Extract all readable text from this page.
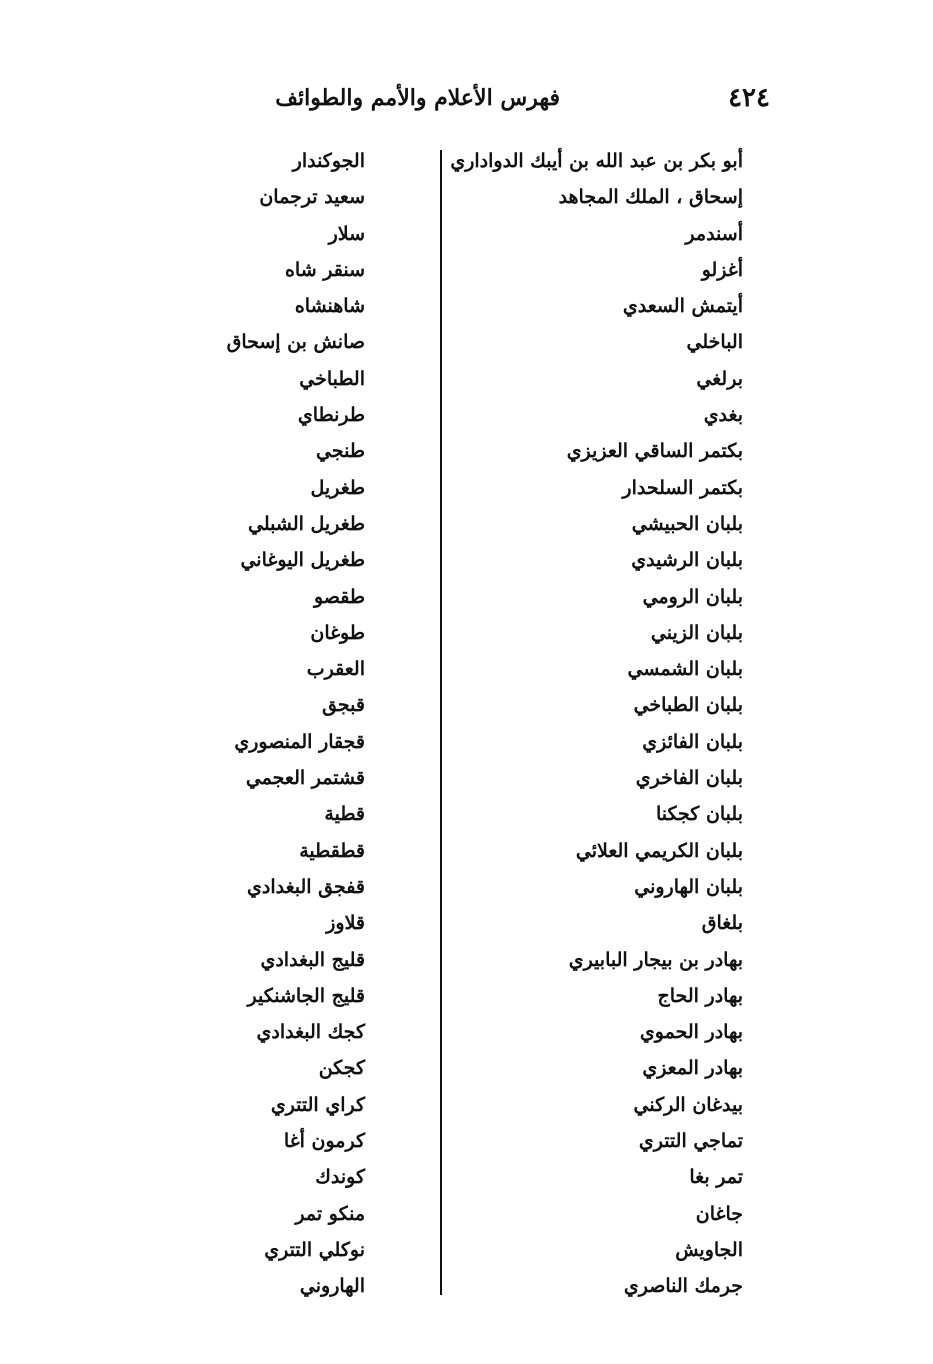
٤٢٤
فهرس الأعلام والأمم والطوائف
أبو بكر بن عبد الله بن أيبك الدواداري
إسحاق ، الملك المجاهد
أسندمر
أغزلو
أيتمش السعدي
الباخلي
برلغي
بغدي
بكتمر الساقي العزيزي
بكتمر السلحدار
بلبان الحبيشي
بلبان الرشيدي
بلبان الرومي
بلبان الزيني
بلبان الشمسي
بلبان الطباخي
بلبان الفائزي
بلبان الفاخري
بلبان كجكنا
بلبان الكريمي العلائي
بلبان الهاروني
بلغاق
بهادر بن بيجار البابيري
بهادر الحاج
بهادر الحموي
بهادر المعزي
بيدغان الركني
تماجي التتري
تمر بغا
جاغان
الجاويش
جرمك الناصري
الجوكندار
سعيد ترجمان
سلار
سنقر شاه
شاهنشاه
صانش بن إسحاق
الطباخي
طرنطاي
طنجي
طغريل
طغريل الشبلي
طغريل اليوغاني
طقصو
طوغان
العقرب
قبجق
قجقار المنصوري
قشتمر العجمي
قطية
قطقطية
قفجق البغدادي
قلاوز
قليج البغدادي
قليج الجاشنكير
كجك البغدادي
كجكن
كراي التتري
كرمون أغا
كوندك
منكو تمر
نوكلي التتري
الهاروني
